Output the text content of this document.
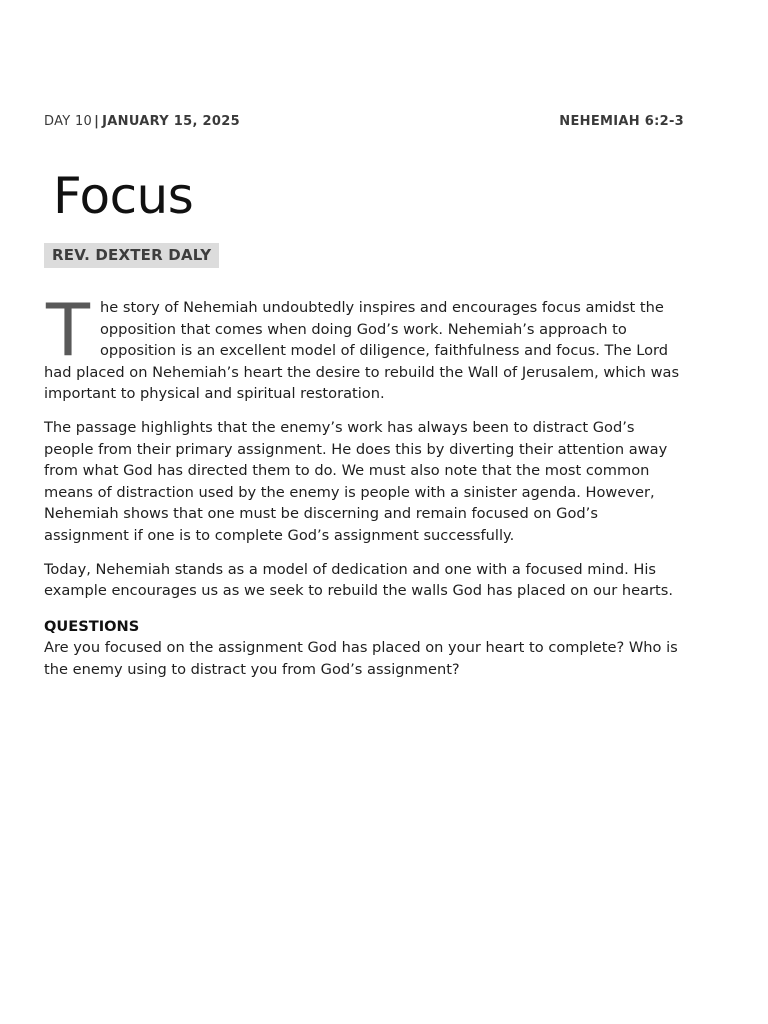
DAY 10 | JANUARY 15, 2025	NEHEMIAH 6:2-3
Focus
REV. DEXTER DALY

The story of Nehemiah undoubtedly inspires and encourages focus amidst the opposition that comes when doing God’s work. Nehemiah’s approach to opposition is an excellent model of diligence, faithfulness and focus. The Lord had placed on Nehemiah’s heart the desire to rebuild the Wall of Jerusalem, which was important to physical and spiritual restoration.

The passage highlights that the enemy’s work has always been to distract God’s people from their primary assignment. He does this by diverting their attention away from what God has directed them to do. We must also note that the most common means of distraction used by the enemy is people with a sinister agenda. However, Nehemiah shows that one must be discerning and remain focused on God’s assignment if one is to complete God’s assignment successfully.

Today, Nehemiah stands as a model of dedication and one with a focused mind. His example encourages us as we seek to rebuild the walls God has placed on our hearts.

QUESTIONS

Are you focused on the assignment God has placed on your heart to complete? Who is the enemy using to distract you from God’s assignment?
